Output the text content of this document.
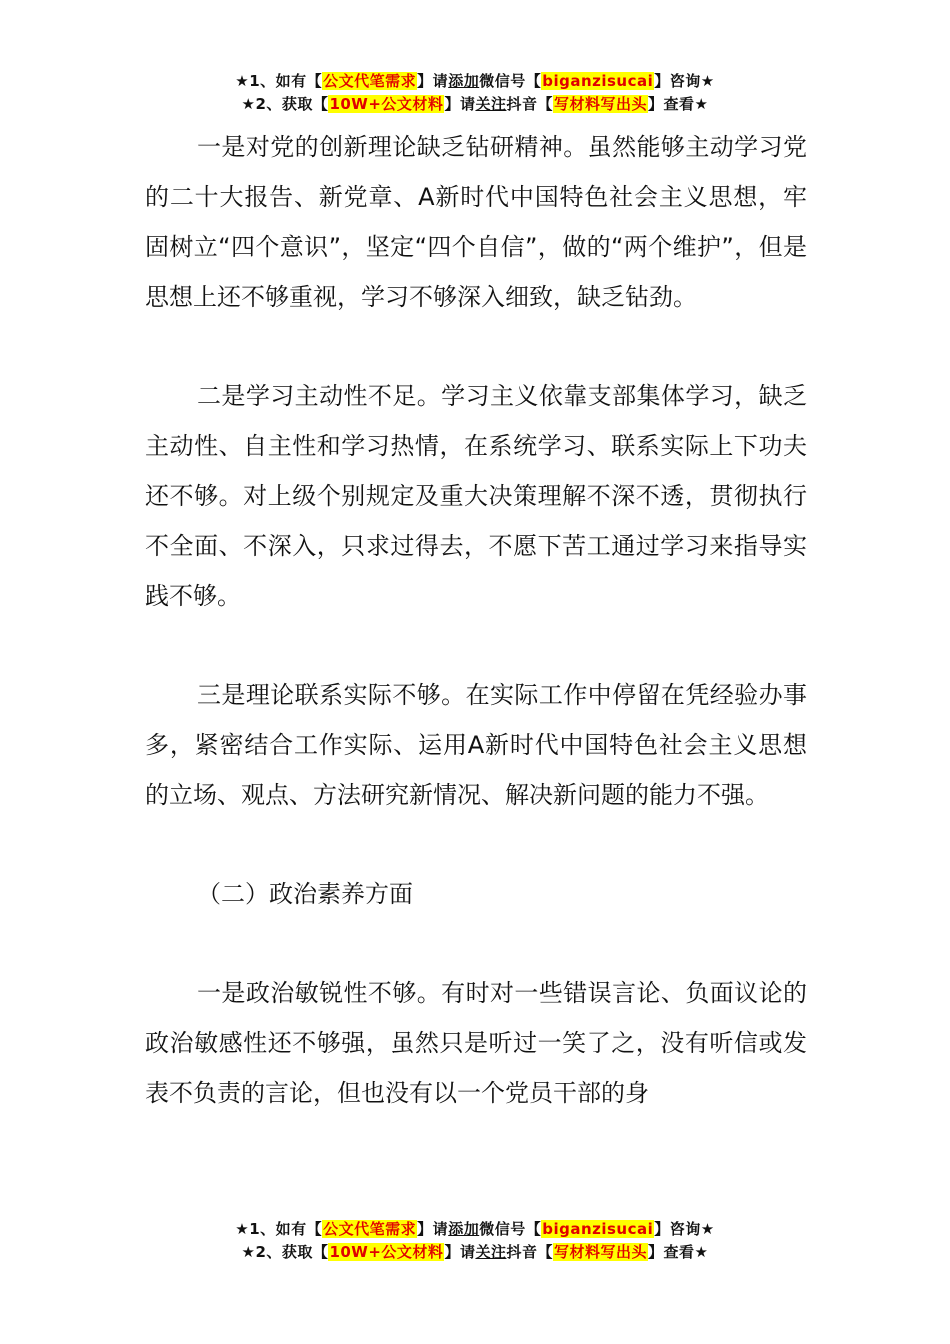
★1、如有【公文代笔需求】请添加微信号【biganzisucai】咨询★
★2、获取【10W+公文材料】请关注抖音【写材料写出头】查看★

一是对党的创新理论缺乏钻研精神。虽然能够主动学习党的二十大报告、新党章、A新时代中国特色社会主义思想，牢固树立“四个意识”，坚定“四个自信”，做的“两个维护”，但是思想上还不够重视，学习不够深入细致，缺乏钻劲。

二是学习主动性不足。学习主义依靠支部集体学习，缺乏主动性、自主性和学习热情，在系统学习、联系实际上下功夫还不够。对上级个别规定及重大决策理解不深不透，贯彻执行不全面、不深入，只求过得去，不愿下苦工通过学习来指导实践不够。

三是理论联系实际不够。在实际工作中停留在凭经验办事多，紧密结合工作实际、运用A新时代中国特色社会主义思想的立场、观点、方法研究新情况、解决新问题的能力不强。

（二）政治素养方面

一是政治敏锐性不够。有时对一些错误言论、负面议论的政治敏感性还不够强，虽然只是听过一笑了之，没有听信或发表不负责的言论，但也没有以一个党员干部的身

★1、如有【公文代笔需求】请添加微信号【biganzisucai】咨询★
★2、获取【10W+公文材料】请关注抖音【写材料写出头】查看★
